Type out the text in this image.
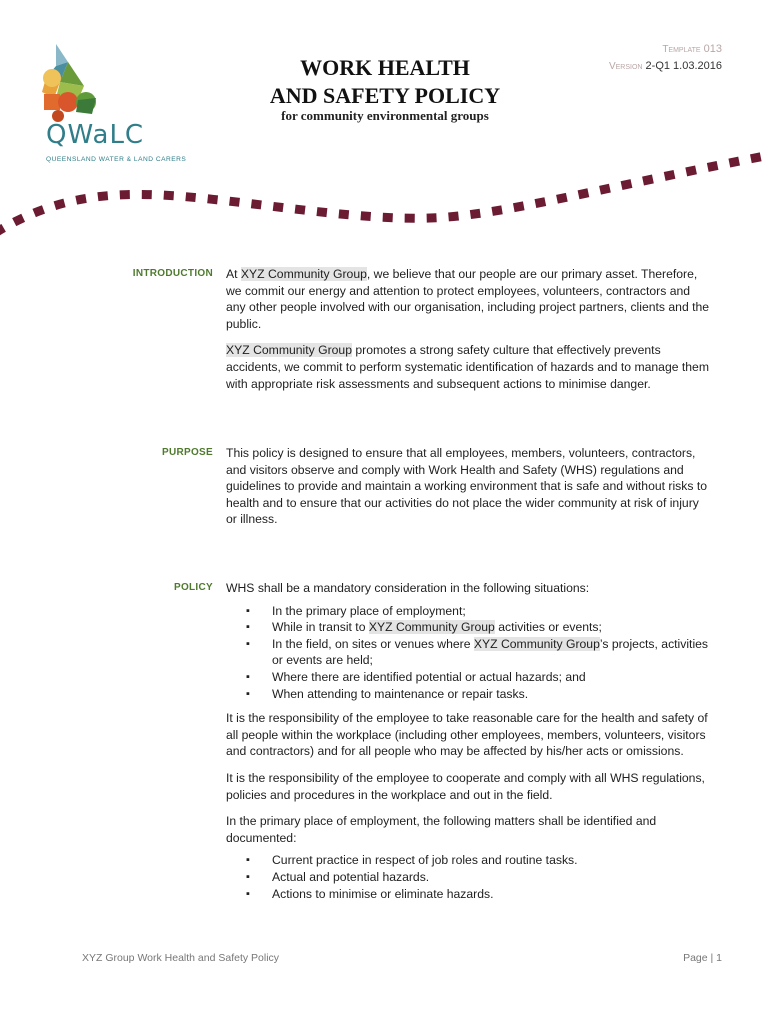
QWaLC
QUEENSLAND WATER & LAND CARERS
WORK HEALTH
AND SAFETY POLICY
for community environmental groups
Template 013
Version 2-Q1 1.03.2016
INTRODUCTION At XYZ Community Group, we believe that our people are our primary asset. Therefore, we commit our energy and attention to protect employees, volunteers, contractors and any other people involved with our organisation, including project partners, clients and the public.

XYZ Community Group promotes a strong safety culture that effectively prevents accidents, we commit to perform systematic identification of hazards and to manage them with appropriate risk assessments and subsequent actions to minimise danger.

PURPOSE This policy is designed to ensure that all employees, members, volunteers, contractors, and visitors observe and comply with Work Health and Safety (WHS) regulations and guidelines to provide and maintain a working environment that is safe and without risks to health and to ensure that our activities do not place the wider community at risk of injury or illness.

POLICY WHS shall be a mandatory consideration in the following situations:

▪ In the primary place of employment;
▪ While in transit to XYZ Community Group activities or events;
▪ In the field, on sites or venues where XYZ Community Group’s projects, activities or events are held;
▪ Where there are identified potential or actual hazards; and
▪ When attending to maintenance or repair tasks.

It is the responsibility of the employee to take reasonable care for the health and safety of all people within the workplace (including other employees, members, volunteers, visitors and contractors) and for all people who may be affected by his/her acts or omissions.

It is the responsibility of the employee to cooperate and comply with all WHS regulations, policies and procedures in the workplace and out in the field.

In the primary place of employment, the following matters shall be identified and documented:

▪ Current practice in respect of job roles and routine tasks.
▪ Actual and potential hazards.
▪ Actions to minimise or eliminate hazards.
XYZ Group Work Health and Safety Policy	Page | 1
